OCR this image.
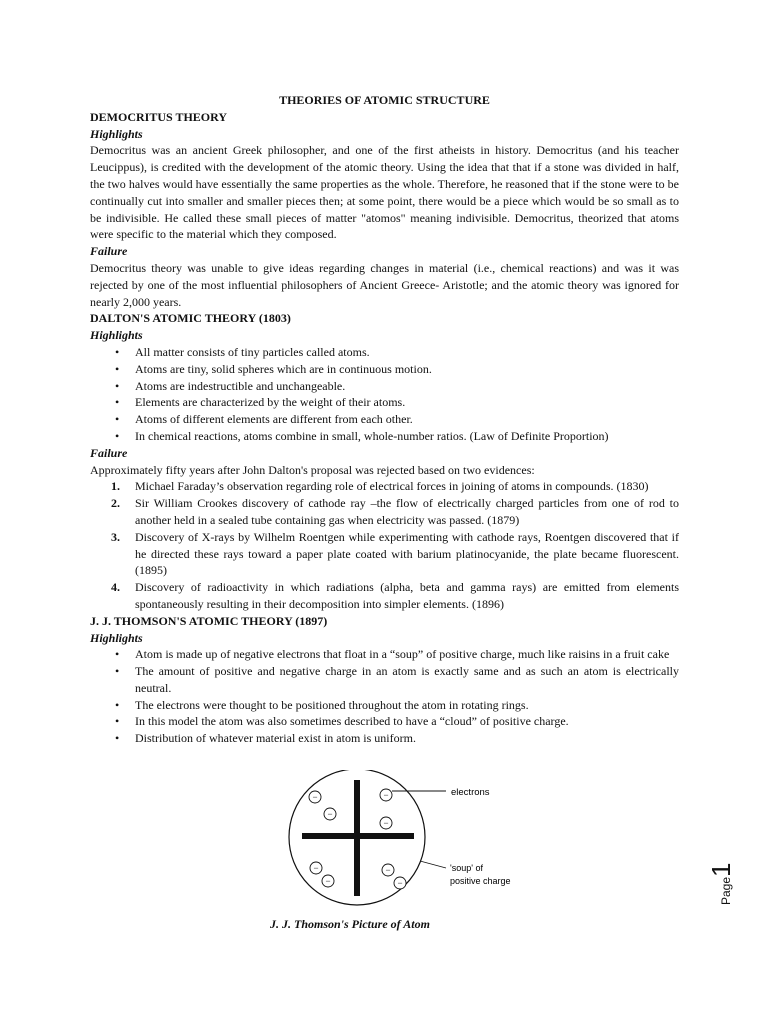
THEORIES OF ATOMIC STRUCTURE

DEMOCRITUS THEORY

Highlights

Democritus was an ancient Greek philosopher, and one of the first atheists in history. Democritus (and his teacher Leucippus), is credited with the development of the atomic theory. Using the idea that that if a stone was divided in half, the two halves would have essentially the same properties as the whole. Therefore, he reasoned that if the stone were to be continually cut into smaller and smaller pieces then; at some point, there would be a piece which would be so small as to be indivisible. He called these small pieces of matter "atomos" meaning indivisible. Democritus, theorized that atoms were specific to the material which they composed.

Failure

Democritus theory was unable to give ideas regarding changes in material (i.e., chemical reactions) and was it was rejected by one of the most influential philosophers of Ancient Greece- Aristotle; and the atomic theory was ignored for nearly 2,000 years.

DALTON'S ATOMIC THEORY (1803)

Highlights

• All matter consists of tiny particles called atoms.
• Atoms are tiny, solid spheres which are in continuous motion.
• Atoms are indestructible and unchangeable.
• Elements are characterized by the weight of their atoms.
• Atoms of different elements are different from each other.
• In chemical reactions, atoms combine in small, whole-number ratios. (Law of Definite Proportion)

Failure

Approximately fifty years after John Dalton's proposal was rejected based on two evidences:

1. Michael Faraday’s observation regarding role of electrical forces in joining of atoms in compounds. (1830)
2. Sir William Crookes discovery of cathode ray –the flow of electrically charged particles from one of rod to another held in a sealed tube containing gas when electricity was passed. (1879)
3. Discovery of X-rays by Wilhelm Roentgen while experimenting with cathode rays, Roentgen discovered that if he directed these rays toward a paper plate coated with barium platinocyanide, the plate became fluorescent. (1895)
4. Discovery of radioactivity in which radiations (alpha, beta and gamma rays) are emitted from elements spontaneously resulting in their decomposition into simpler elements. (1896)

J. J. THOMSON'S ATOMIC THEORY (1897)

Highlights

• Atom is made up of negative electrons that float in a “soup” of positive charge, much like raisins in a fruit cake
• The amount of positive and negative charge in an atom is exactly same and as such an atom is electrically neutral.
• The electrons were thought to be positioned throughout the atom in rotating rings.
• In this model the atom was also sometimes described to have a “cloud” of positive charge.
• Distribution of whatever material exist in atom is uniform.
−
−
−
−
−
−
−
−
electrons
'soup' of
positive charge
J. J. Thomson's Picture of Atom
Page1
